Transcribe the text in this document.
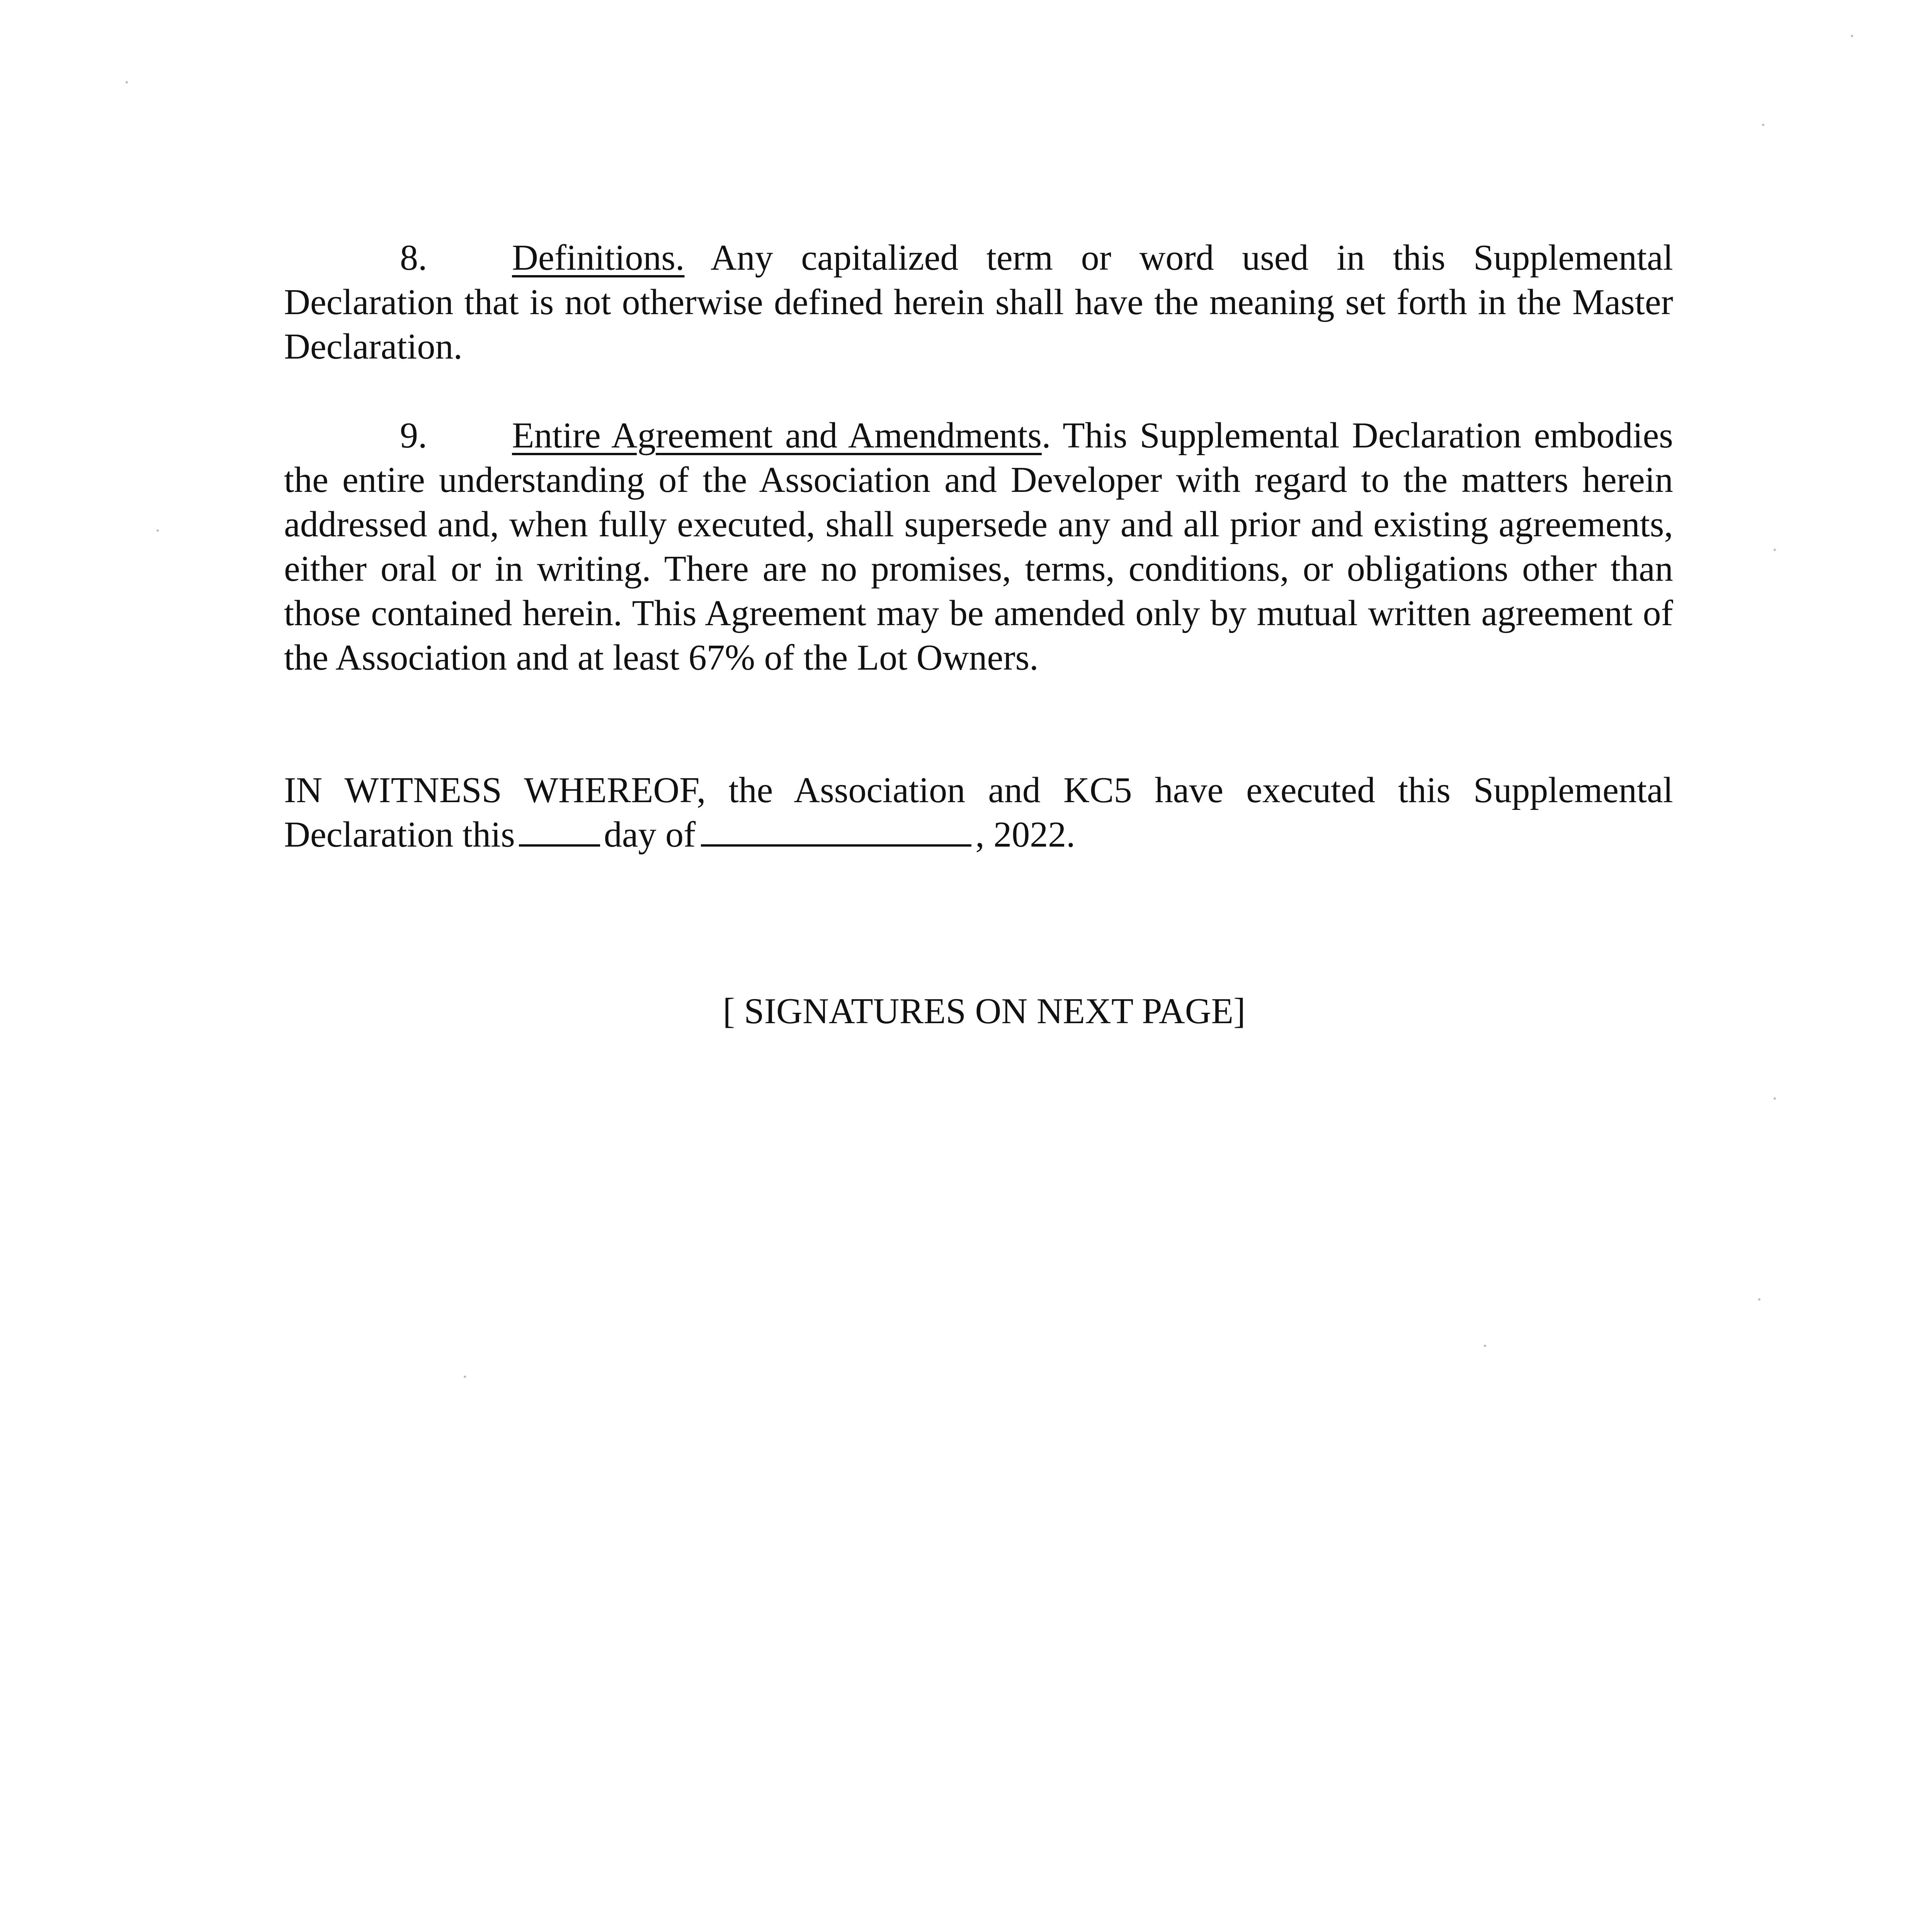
8. Definitions. Any capitalized term or word used in this Supplemental Declaration that is not otherwise defined herein shall have the meaning set forth in the Master Declaration.

9. Entire Agreement and Amendments. This Supplemental Declaration embodies the entire understanding of the Association and Developer with regard to the matters herein addressed and, when fully executed, shall supersede any and all prior and existing agreements, either oral or in writing. There are no promises, terms, conditions, or obligations other than those contained herein. This Agreement may be amended only by mutual written agreement of the Association and at least 67% of the Lot Owners.

IN WITNESS WHEREOF, the Association and KC5 have executed this Supplemental Declaration this day of	, 2022.

[ SIGNATURES ON NEXT PAGE]
